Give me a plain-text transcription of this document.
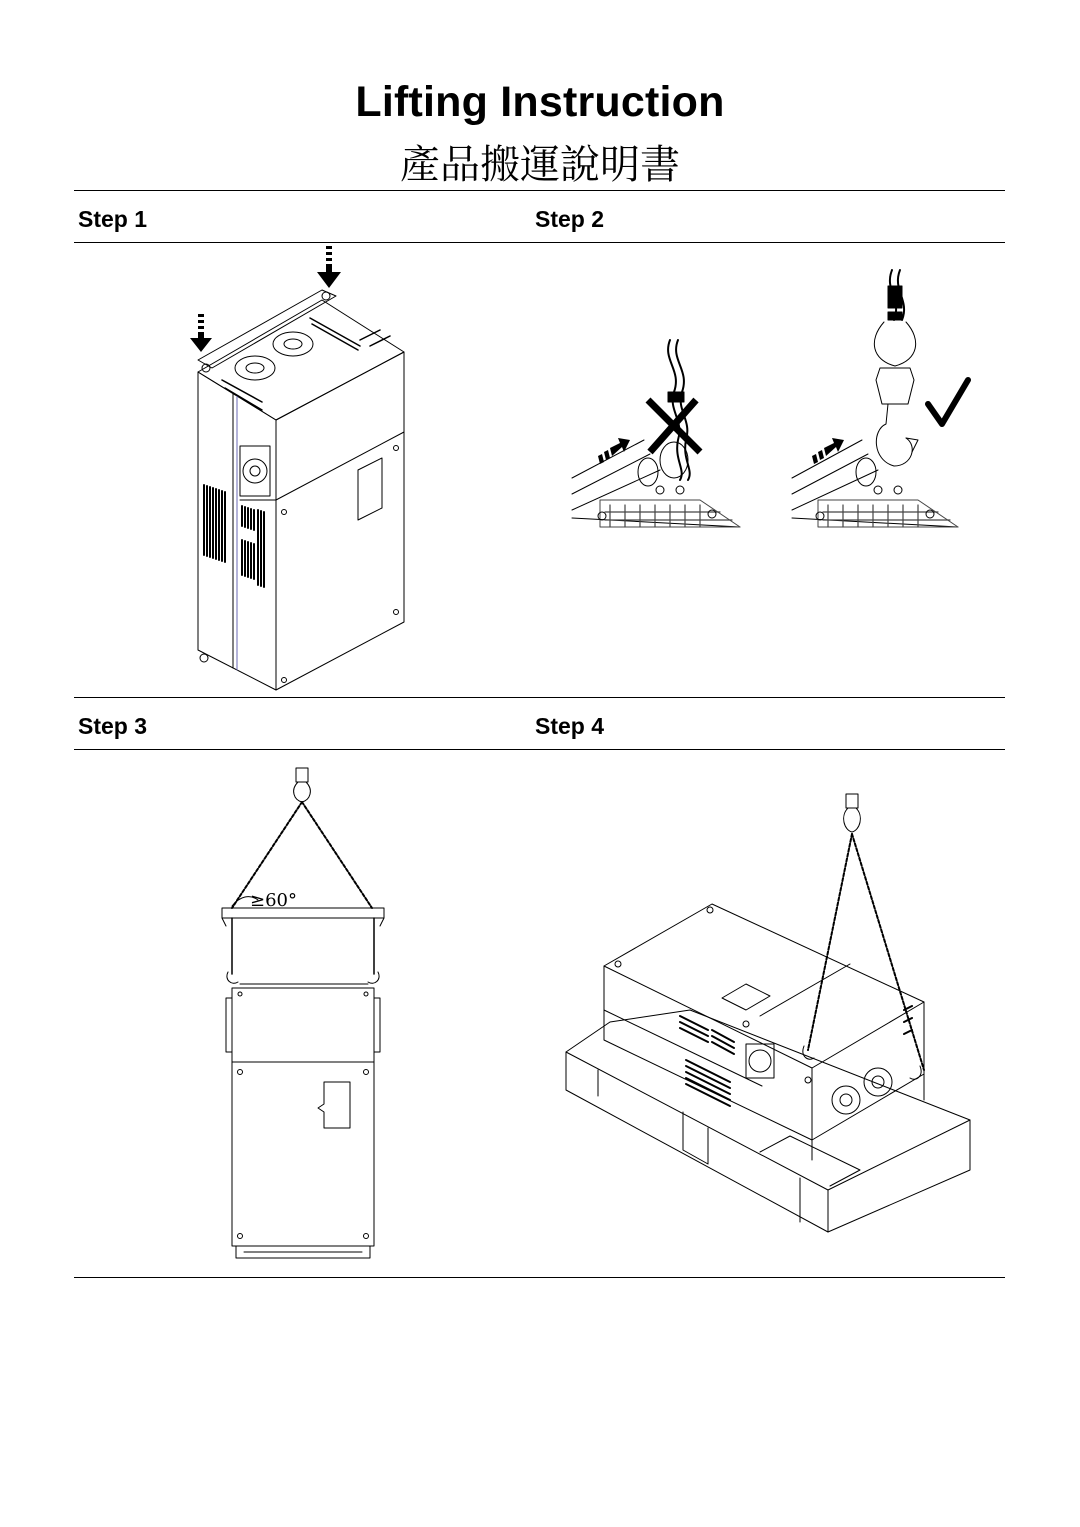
Lifting Instruction
產品搬運說明書
Step 1	Step 2
Step 3	Step 4
≥60°
